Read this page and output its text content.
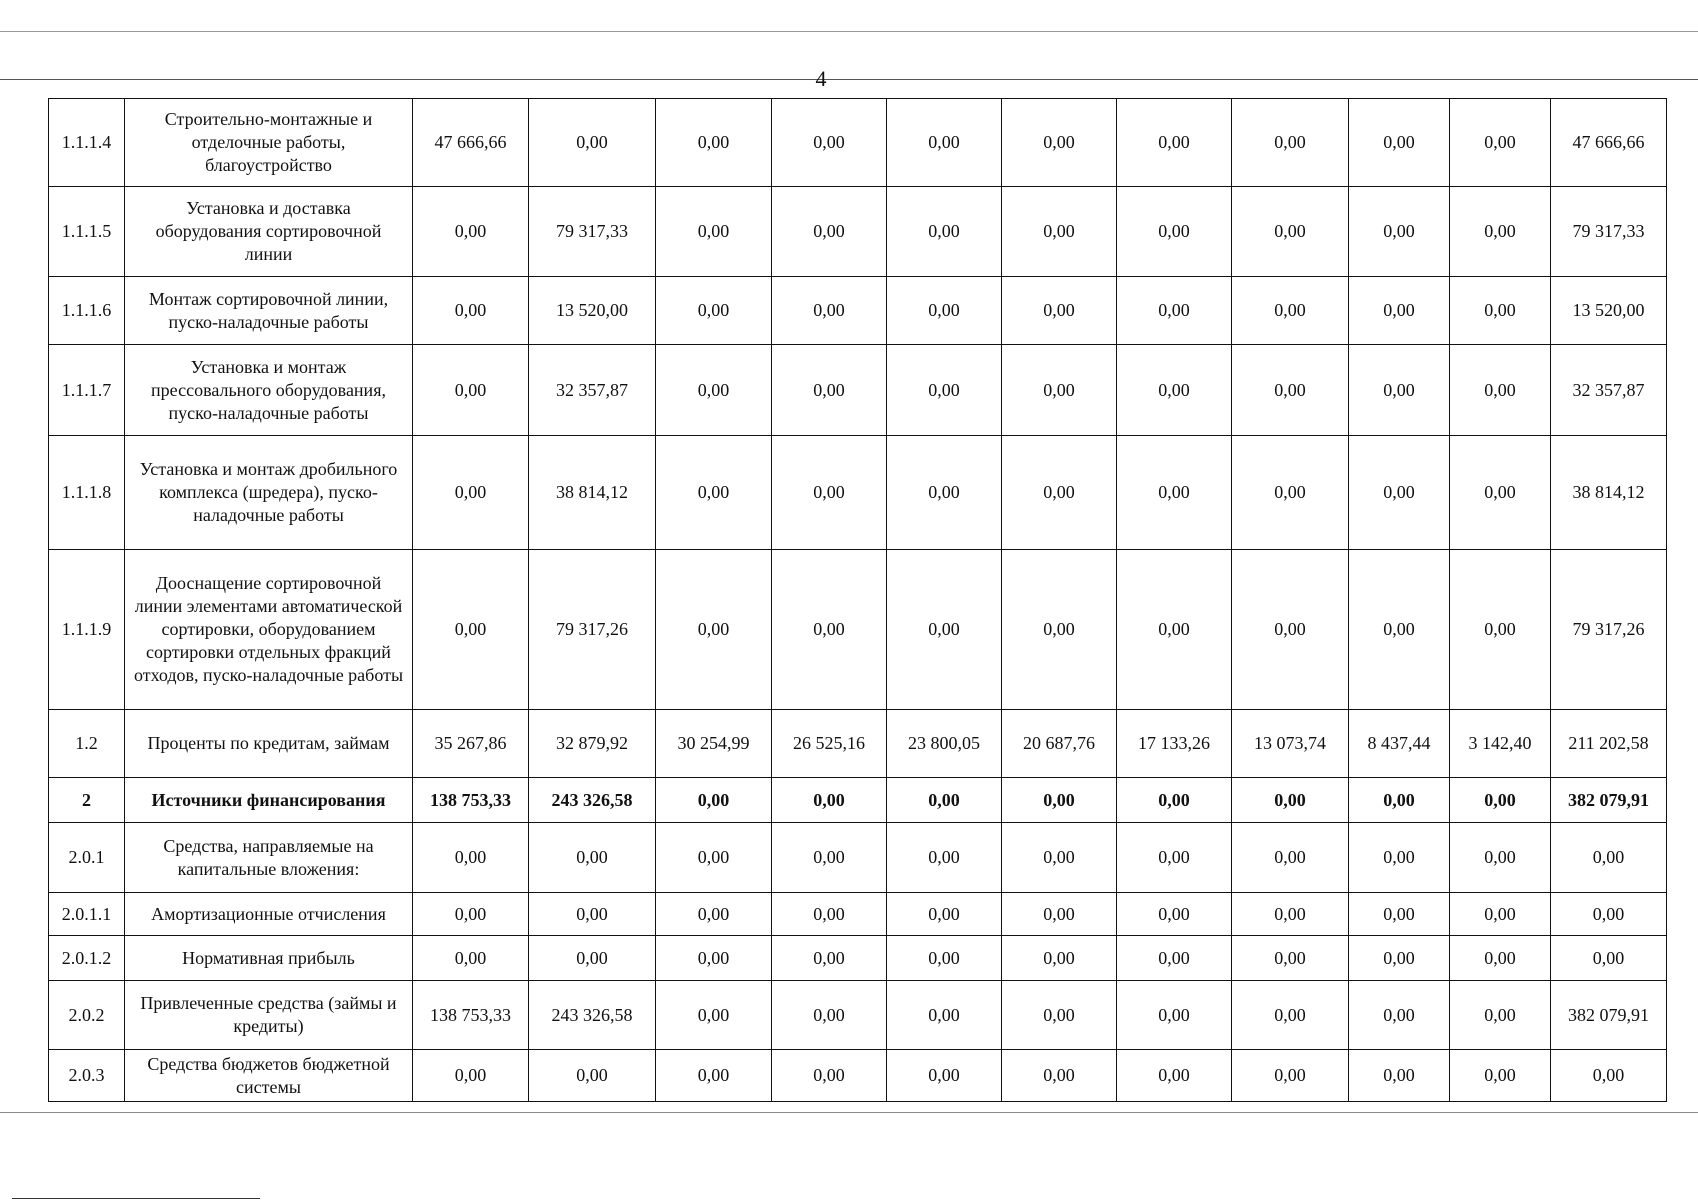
4
1.1.1.4	Строительно-монтажные и отделочные работы, благоустройство	47 666,66	0,00	0,00	0,00	0,00	0,00	0,00	0,00	0,00	0,00	47 666,66
1.1.1.5	Установка и доставка оборудования сортировочной линии	0,00	79 317,33	0,00	0,00	0,00	0,00	0,00	0,00	0,00	0,00	79 317,33
1.1.1.6	Монтаж сортировочной линии, пуско-наладочные работы	0,00	13 520,00	0,00	0,00	0,00	0,00	0,00	0,00	0,00	0,00	13 520,00
1.1.1.7	Установка и монтаж прессовального оборудования, пуско-наладочные работы	0,00	32 357,87	0,00	0,00	0,00	0,00	0,00	0,00	0,00	0,00	32 357,87
1.1.1.8	Установка и монтаж дробильного комплекса (шредера), пуско-наладочные работы	0,00	38 814,12	0,00	0,00	0,00	0,00	0,00	0,00	0,00	0,00	38 814,12
1.1.1.9	Дооснащение сортировочной линии элементами автоматической сортировки, оборудованием сортировки отдельных фракций отходов, пуско-наладочные работы	0,00	79 317,26	0,00	0,00	0,00	0,00	0,00	0,00	0,00	0,00	79 317,26
1.2	Проценты по кредитам, займам	35 267,86	32 879,92	30 254,99	26 525,16	23 800,05	20 687,76	17 133,26	13 073,74	8 437,44	3 142,40	211 202,58
2	Источники финансирования	138 753,33	243 326,58	0,00	0,00	0,00	0,00	0,00	0,00	0,00	0,00	382 079,91
2.0.1	Средства, направляемые на капитальные вложения:	0,00	0,00	0,00	0,00	0,00	0,00	0,00	0,00	0,00	0,00	0,00
2.0.1.1	Амортизационные отчисления	0,00	0,00	0,00	0,00	0,00	0,00	0,00	0,00	0,00	0,00	0,00
2.0.1.2	Нормативная прибыль	0,00	0,00	0,00	0,00	0,00	0,00	0,00	0,00	0,00	0,00	0,00
2.0.2	Привлеченные средства (займы и кредиты)	138 753,33	243 326,58	0,00	0,00	0,00	0,00	0,00	0,00	0,00	0,00	382 079,91
2.0.3	Средства бюджетов бюджетной системы	0,00	0,00	0,00	0,00	0,00	0,00	0,00	0,00	0,00	0,00	0,00
